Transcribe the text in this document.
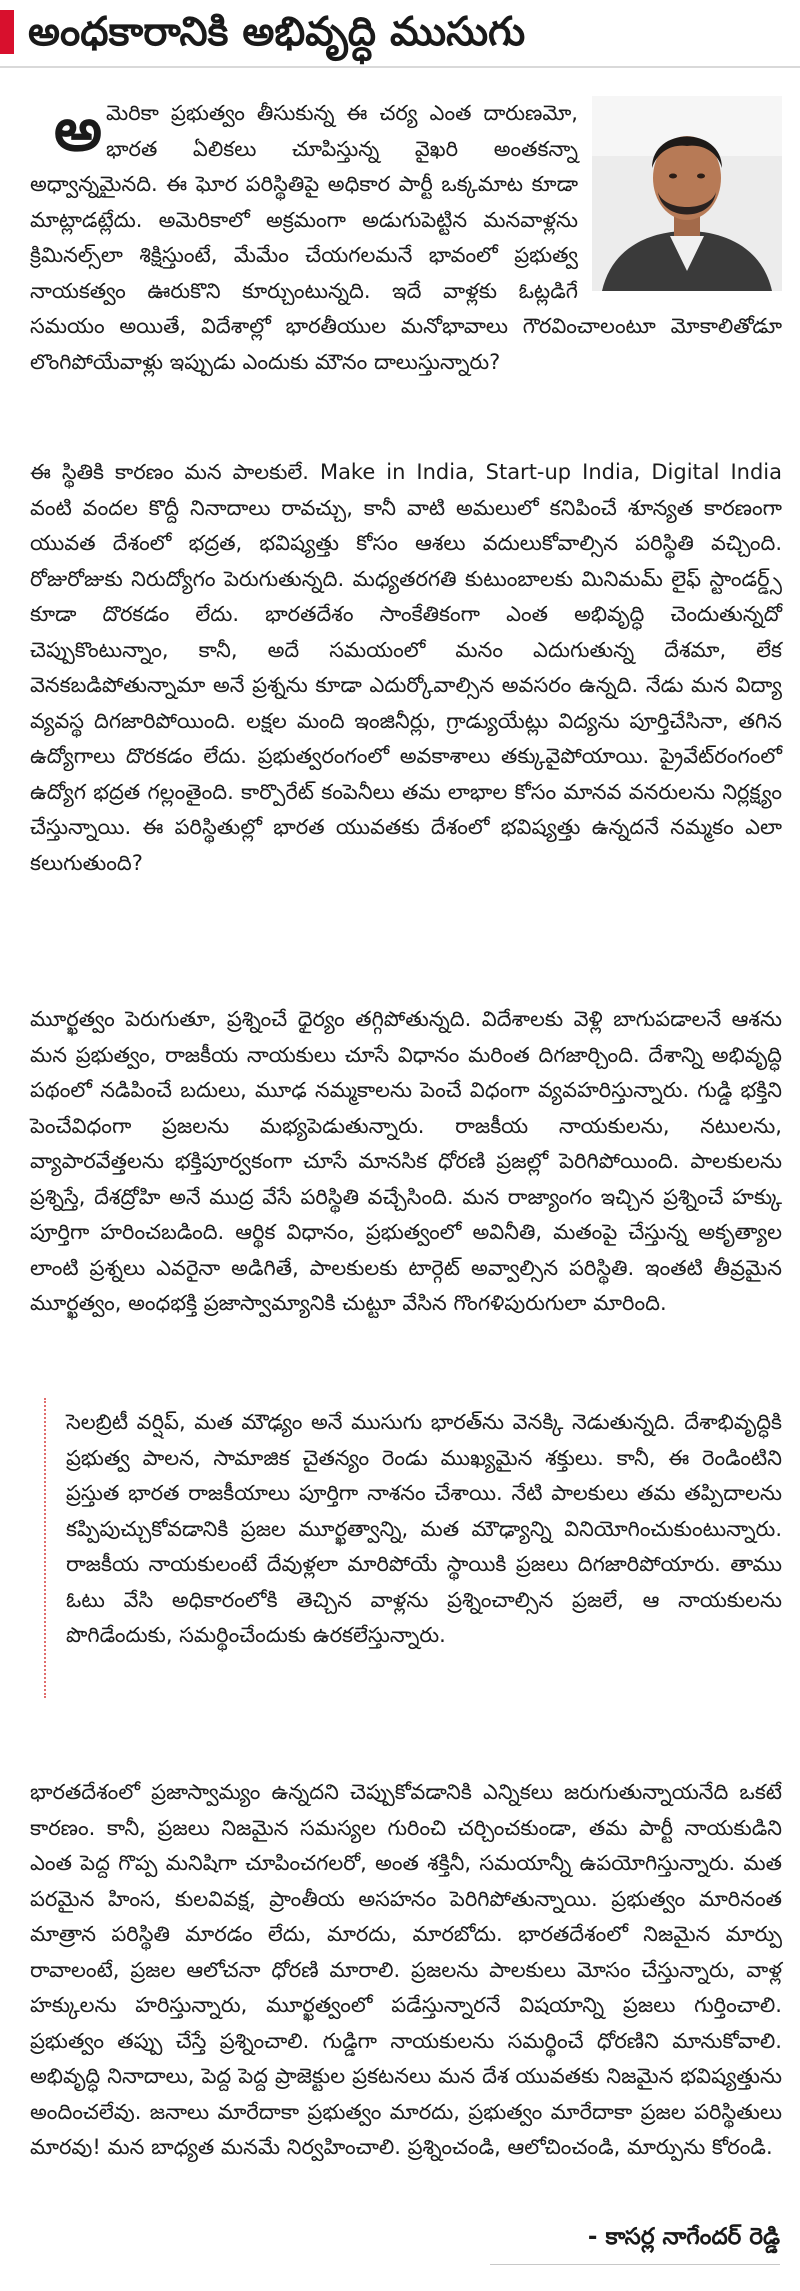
అంధకారానికి అభివృద్ధి ముసుగు
అ మెరికా ప్రభుత్వం తీసుకున్న ఈ చర్య ఎంత దారుణమో, భారత ఏలికలు చూపిస్తున్న వైఖరి అంతకన్నా అధ్వాన్నమైనది. ఈ ఘోర పరిస్థితిపై అధికార పార్టీ ఒక్కమాట కూడా మాట్లాడట్లేదు. అమెరికాలో అక్రమంగా అడుగుపెట్టిన మనవాళ్లను క్రిమినల్స్‌లా శిక్షిస్తుంటే, మేమేం చేయగలమనే భావంలో ప్రభుత్వ నాయకత్వం ఊరుకొని కూర్చుంటున్నది. ఇదే వాళ్లకు ఓట్లడిగే సమయం అయితే, విదేశాల్లో భారతీయుల మనోభావాలు గౌరవించాలంటూ మోకాలితోడూ లొంగిపోయేవాళ్లు ఇప్పుడు ఎందుకు మౌనం దాలుస్తున్నారు?

ఈ స్థితికి కారణం మన పాలకులే. Make in India, Start-up India, Digital India వంటి వందల కొద్దీ నినాదాలు రావచ్చు, కానీ వాటి అమలులో కనిపించే శూన్యత కారణంగా యువత దేశంలో భద్రత, భవిష్యత్తు కోసం ఆశలు వదులుకోవాల్సిన పరిస్థితి వచ్చింది. రోజురోజుకు నిరుద్యోగం పెరుగుతున్నది. మధ్యతరగతి కుటుంబాలకు మినిమమ్ లైఫ్ స్టాండర్డ్స్ కూడా దొరకడం లేదు. భారతదేశం సాంకేతికంగా ఎంత అభివృద్ధి చెందుతున్నదో చెప్పుకొంటున్నాం, కానీ, అదే సమయంలో మనం ఎదుగుతున్న దేశమా, లేక వెనకబడిపోతున్నామా అనే ప్రశ్నను కూడా ఎదుర్కోవాల్సిన అవసరం ఉన్నది. నేడు మన విద్యా వ్యవస్థ దిగజారిపోయింది. లక్షల మంది ఇంజినీర్లు, గ్రాడ్యుయేట్లు విద్యను పూర్తిచేసినా, తగిన ఉద్యోగాలు దొరకడం లేదు. ప్రభుత్వరంగంలో అవకాశాలు తక్కువైపోయాయి. ప్రైవేట్‌రంగంలో ఉద్యోగ భద్రత గల్లంతైంది. కార్పొరేట్ కంపెనీలు తమ లాభాల కోసం మానవ వనరులను నిర్లక్ష్యం చేస్తున్నాయి. ఈ పరిస్థితుల్లో భారత యువతకు దేశంలో భవిష్యత్తు ఉన్నదనే నమ్మకం ఎలా కలుగుతుంది?

మూర్ఖత్వం పెరుగుతూ, ప్రశ్నించే ధైర్యం తగ్గిపోతున్నది. విదేశాలకు వెళ్లి బాగుపడాలనే ఆశను మన ప్రభుత్వం, రాజకీయ నాయకులు చూసే విధానం మరింత దిగజార్చింది. దేశాన్ని అభివృద్ధి పథంలో నడిపించే బదులు, మూఢ నమ్మకాలను పెంచే విధంగా వ్యవహరిస్తున్నారు. గుడ్డి భక్తిని పెంచేవిధంగా ప్రజలను మభ్యపెడుతున్నారు. రాజకీయ నాయకులను, నటులను, వ్యాపారవేత్తలను భక్తిపూర్వకంగా చూసే మానసిక ధోరణి ప్రజల్లో పెరిగిపోయింది. పాలకులను ప్రశ్నిస్తే, దేశద్రోహి అనే ముద్ర వేసే పరిస్థితి వచ్చేసింది. మన రాజ్యాంగం ఇచ్చిన ప్రశ్నించే హక్కు పూర్తిగా హరించబడింది. ఆర్థిక విధానం, ప్రభుత్వంలో అవినీతి, మతంపై చేస్తున్న అకృత్యాల లాంటి ప్రశ్నలు ఎవరైనా అడిగితే, పాలకులకు టార్గెట్ అవ్వాల్సిన పరిస్థితి. ఇంతటి తీవ్రమైన మూర్ఖత్వం, అంధభక్తి ప్రజాస్వామ్యానికి చుట్టూ వేసిన గొంగళిపురుగులా మారింది.

సెలబ్రిటీ వర్షిప్, మత మౌఢ్యం అనే ముసుగు భారత్‌ను వెనక్కి నెడుతున్నది. దేశాభివృద్ధికి ప్రభుత్వ పాలన, సామాజిక చైతన్యం రెండు ముఖ్యమైన శక్తులు. కానీ, ఈ రెండింటిని ప్రస్తుత భారత రాజకీయాలు పూర్తిగా నాశనం చేశాయి. నేటి పాలకులు తమ తప్పిదాలను కప్పిపుచ్చుకోవడానికి ప్రజల మూర్ఖత్వాన్ని, మత మౌఢ్యాన్ని వినియోగించుకుంటున్నారు. రాజకీయ నాయకులంటే దేవుళ్లలా మారిపోయే స్థాయికి ప్రజలు దిగజారిపోయారు. తాము ఓటు వేసి అధికారంలోకి తెచ్చిన వాళ్లను ప్రశ్నించాల్సిన ప్రజలే, ఆ నాయకులను పొగిడేందుకు, సమర్థించేందుకు ఉరకలేస్తున్నారు.

భారతదేశంలో ప్రజాస్వామ్యం ఉన్నదని చెప్పుకోవడానికి ఎన్నికలు జరుగుతున్నాయనేది ఒకటే కారణం. కానీ, ప్రజలు నిజమైన సమస్యల గురించి చర్చించకుండా, తమ పార్టీ నాయకుడిని ఎంత పెద్ద గొప్ప మనిషిగా చూపించగలరో, అంత శక్తినీ, సమయాన్నీ ఉపయోగిస్తున్నారు. మత పరమైన హింస, కులవివక్ష, ప్రాంతీయ అసహనం పెరిగిపోతున్నాయి. ప్రభుత్వం మారినంత మాత్రాన పరిస్థితి మారడం లేదు, మారదు, మారబోదు. భారతదేశంలో నిజమైన మార్పు రావాలంటే, ప్రజల ఆలోచనా ధోరణి మారాలి. ప్రజలను పాలకులు మోసం చేస్తున్నారు, వాళ్ల హక్కులను హరిస్తున్నారు, మూర్ఖత్వంలో పడేస్తున్నారనే విషయాన్ని ప్రజలు గుర్తించాలి. ప్రభుత్వం తప్పు చేస్తే ప్రశ్నించాలి. గుడ్డిగా నాయకులను సమర్థించే ధోరణిని మానుకోవాలి. అభివృద్ధి నినాదాలు, పెద్ద పెద్ద ప్రాజెక్టుల ప్రకటనలు మన దేశ యువతకు నిజమైన భవిష్యత్తును అందించలేవు. జనాలు మారేదాకా ప్రభుత్వం మారదు, ప్రభుత్వం మారేదాకా ప్రజల పరిస్థితులు మారవు! మన బాధ్యత మనమే నిర్వహించాలి. ప్రశ్నించండి, ఆలోచించండి, మార్పును కోరండి.

- కాసర్ల నాగేందర్ రెడ్డి
